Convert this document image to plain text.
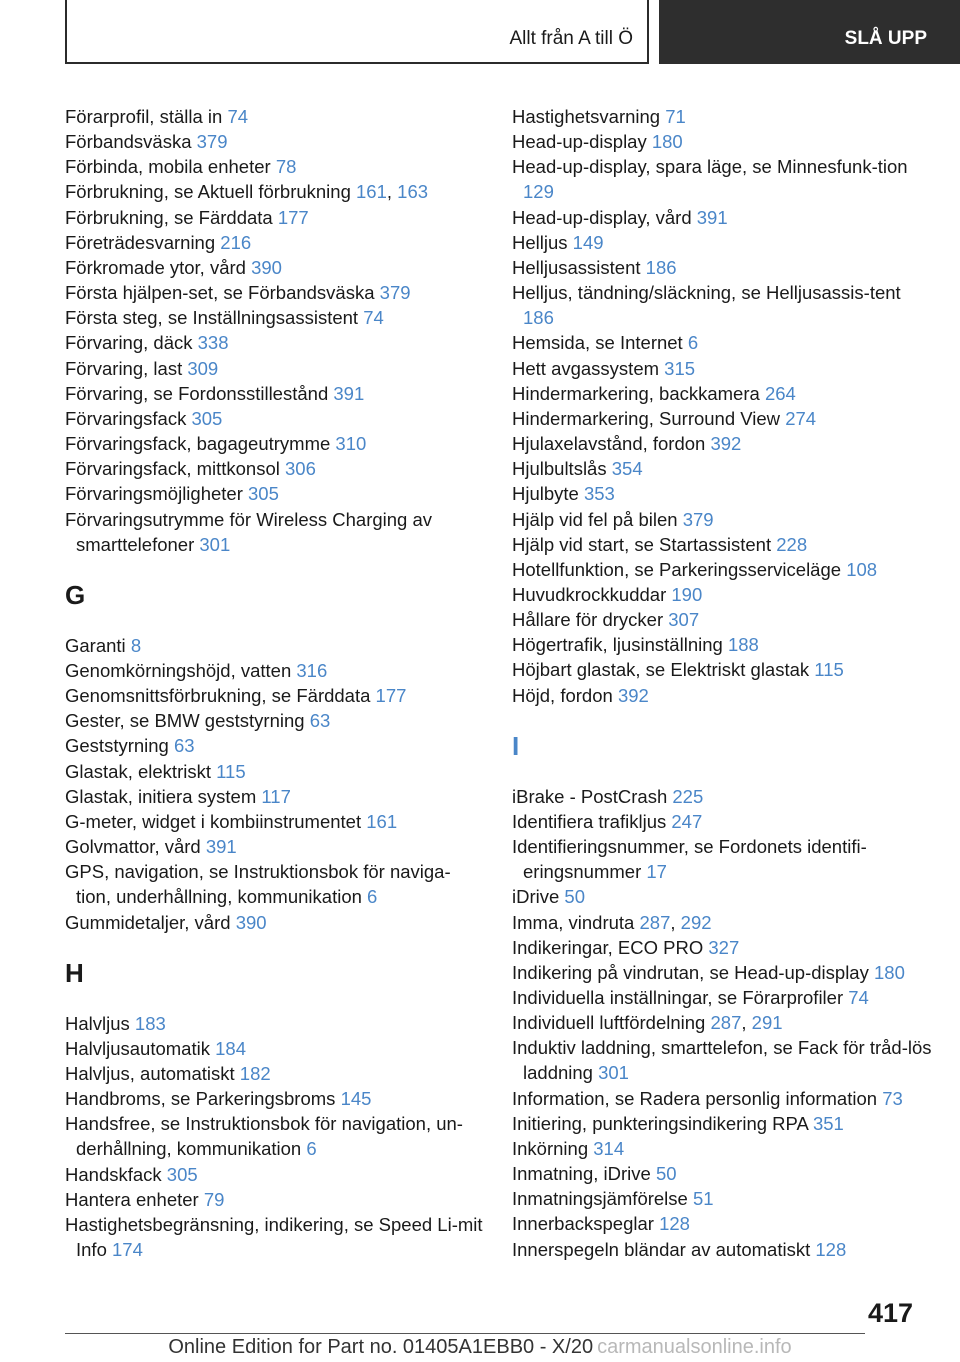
Allt från A till Ö	SLÅ UPP
Förarprofil, ställa in 74
Förbandsväska 379
Förbinda, mobila enheter 78
Förbrukning, se Aktuell förbrukning 161, 163
Förbrukning, se Färddata 177
Företrädesvarning 216
Förkromade ytor, vård 390
Första hjälpen-set, se Förbandsväska 379
Första steg, se Inställningsassistent 74
Förvaring, däck 338
Förvaring, last 309
Förvaring, se Fordonsstillestånd 391
Förvaringsfack 305
Förvaringsfack, bagageutrymme 310
Förvaringsfack, mittkonsol 306
Förvaringsmöjligheter 305
Förvaringsutrymme för Wireless Charging av smarttelefoner 301
G
Garanti 8
Genomkörningshöjd, vatten 316
Genomsnittsförbrukning, se Färddata 177
Gester, se BMW geststyrning 63
Geststyrning 63
Glastak, elektriskt 115
Glastak, initiera system 117
G-meter, widget i kombiinstrumentet 161
Golvmattor, vård 391
GPS, navigation, se Instruktionsbok för naviga-tion, underhållning, kommunikation 6
Gummidetaljer, vård 390
H
Halvljus 183
Halvljusautomatik 184
Halvljus, automatiskt 182
Handbroms, se Parkeringsbroms 145
Handsfree, se Instruktionsbok för navigation, un-derhållning, kommunikation 6
Handskfack 305
Hantera enheter 79
Hastighetsbegränsning, indikering, se Speed Li-mit Info 174
Hastighetsvarning 71
Head-up-display 180
Head-up-display, spara läge, se Minnesfunk-tion 129
Head-up-display, vård 391
Helljus 149
Helljusassistent 186
Helljus, tändning/släckning, se Helljusassis-tent 186
Hemsida, se Internet 6
Hett avgassystem 315
Hindermarkering, backkamera 264
Hindermarkering, Surround View 274
Hjulaxelavstånd, fordon 392
Hjulbultslås 354
Hjulbyte 353
Hjälp vid fel på bilen 379
Hjälp vid start, se Startassistent 228
Hotellfunktion, se Parkeringsserviceläge 108
Huvudkrockkuddar 190
Hållare för drycker 307
Högertrafik, ljusinställning 188
Höjbart glastak, se Elektriskt glastak 115
Höjd, fordon 392
I
iBrake - PostCrash 225
Identifiera trafikljus 247
Identifieringsnummer, se Fordonets identifi-eringsnummer 17
iDrive 50
Imma, vindruta 287, 292
Indikeringar, ECO PRO 327
Indikering på vindrutan, se Head-up-display 180
Individuella inställningar, se Förarprofiler 74
Individuell luftfördelning 287, 291
Induktiv laddning, smarttelefon, se Fack för tråd-lös laddning 301
Information, se Radera personlig information 73
Initiering, punkteringsindikering RPA 351
Inkörning 314
Inmatning, iDrive 50
Inmatningsjämförelse 51
Innerbackspeglar 128
Innerspegeln bländar av automatiskt 128
417
Online Edition for Part no. 01405A1EBB0 - X/20 carmanualsonline.info
